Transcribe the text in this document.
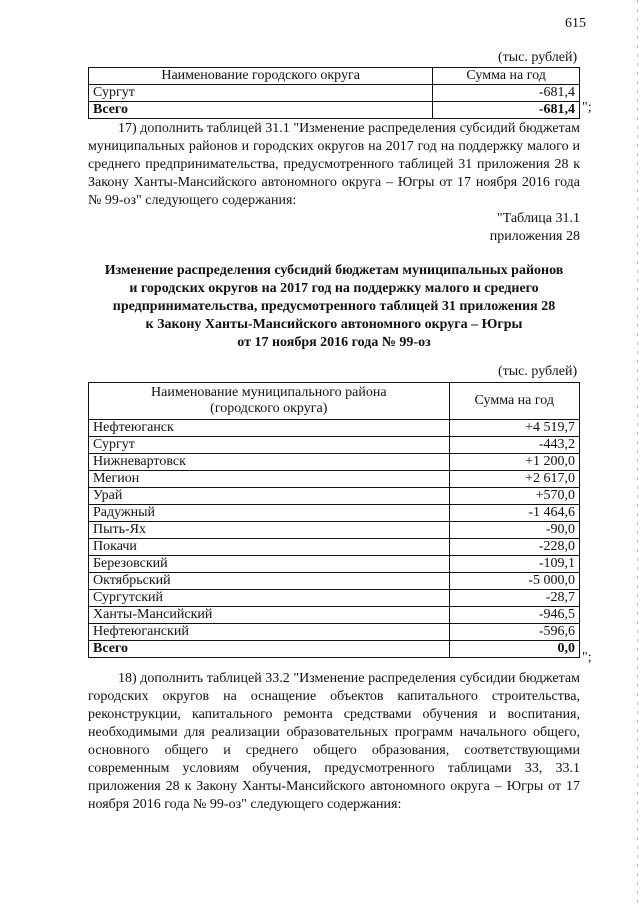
615
(тыс. рублей)
Наименование городского округа	Сумма на год
Сургут	-681,4
Всего	-681,4 ";

17) дополнить таблицей 31.1 "Изменение распределения субсидий бюджетам муниципальных районов и городских округов на 2017 год на поддержку малого и среднего предпринимательства, предусмотренного таблицей 31 приложения 28 к Закону Ханты-Мансийского автономного округа – Югры от 17 ноября 2016 года № 99-оз" следующего содержания:

"Таблица 31.1
приложения 28
Изменение распределения субсидий бюджетам муниципальных районов
и городских округов на 2017 год на поддержку малого и среднего
предпринимательства, предусмотренного таблицей 31 приложения 28
к Закону Ханты-Мансийского автономного округа – Югры
от 17 ноября 2016 года № 99-оз
(тыс. рублей)
Наименование муниципального района
(городского округа)	Сумма на год
Нефтеюганск	+4 519,7
Сургут	-443,2
Нижневартовск	+1 200,0
Мегион	+2 617,0
Урай	+570,0
Радужный	-1 464,6
Пыть-Ях	-90,0
Покачи	-228,0
Березовский	-109,1
Октябрьский	-5 000,0
Сургутский	-28,7
Ханты-Мансийский	-946,5
Нефтеюганский	-596,6
Всего	0,0
";

18) дополнить таблицей 33.2 "Изменение распределения субсидии бюджетам городских округов на оснащение объектов капитального строительства, реконструкции, капитального ремонта средствами обучения и воспитания, необходимыми для реализации образовательных программ начального общего, основного общего и среднего общего образования, соответствующими современным условиям обучения, предусмотренного таблицами 33, 33.1 приложения 28 к Закону Ханты-Мансийского автономного округа – Югры от 17 ноября 2016 года № 99-оз" следующего содержания:
